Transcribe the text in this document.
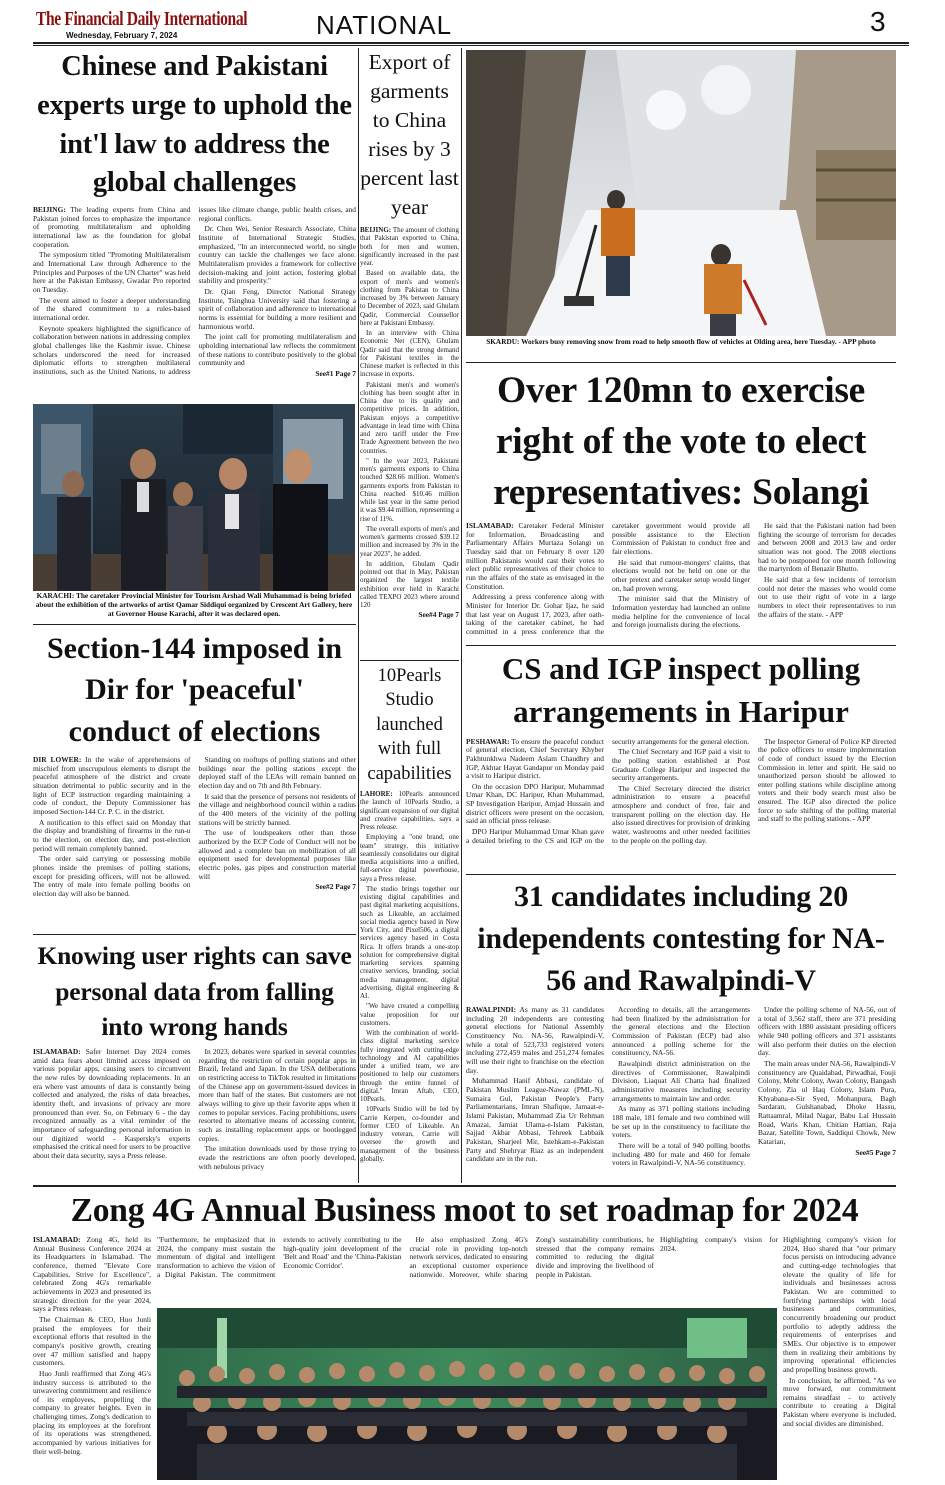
The Financial Daily International
Wednesday, February 7, 2024	NATIONAL	3
Chinese and Pakistani experts urge to uphold the int'l law to address the global challenges

BEIJING: The leading experts from China and Pakistan joined forces to emphasize the importance of promoting multilateralism and upholding international law as the foundation for global cooperation.

The symposium titled "Promoting Multilateralism and International Law through Adherence to the Principles and Purposes of the UN Charter" was held here at the Pakistan Embassy, Gwadar Pro reported on Tuesday.

The event aimed to foster a deeper understanding of the shared commitment to a rules-based international order.

Keynote speakers highlighted the significance of collaboration between nations in addressing complex global challenges like the Kashmir issue. Chinese scholars underscored the need for increased diplomatic efforts to strengthen multilateral institutions, such as the United Nations, to address issues like climate change, public health crises, and regional conflicts.

Dr. Chen Wei, Senior Research Associate, China Institute of International Strategic Studies, emphasized, "In an interconnected world, no single country can tackle the challenges we face alone. Multilateralism provides a framework for collective decision-making and joint action, fostering global stability and prosperity."

Dr. Qian Feng, Director National Strategy Institute, Tsinghua University said that fostering a spirit of collaboration and adherence to international norms is essential for building a more resilient and harmonious world.

The joint call for promoting multilateralism and upholding international law reflects the commitment of these nations to contribute positively to the global community and

See#1 Page 7
KARACHI: The caretaker Provincial Minister for Tourism Arshad Wali Muhammad is being briefed about the exhibition of the artworks of artist Qamar Siddiqui organized by Crescent Art Gallery, here at Governor House Karachi, after it was declared open.
Export of garments to China rises by 3 percent last year

BEIJING: The amount of clothing that Pakistan exported to China, both for men and women, significantly increased in the past year.

Based on available data, the export of men's and women's clothing from Pakistan to China increased by 3% between January to December of 2023, said Ghulam Qadir, Commercial Counsellor here at Pakistani Embassy.

In an interview with China Economic Net (CEN), Ghulam Qadir said that the strong demand for Pakistani textiles in the Chinese market is reflected in this increase in exports.

Pakistani men's and women's clothing has been sought after in China due to its quality and competitive prices. In addition, Pakistan enjoys a competitive advantage in lead time with China and zero tariff under the Free Trade Agreement between the two countries.

" In the year 2023, Pakistani men's garments exports to China touched $28.66 million. Women's garments exports from Pakistan to China reached $10.46 million while last year in the same period it was $9.44 million, representing a rise of 11%.

The overall exports of men's and women's garments crossed $39.12 million and increased by 3% in the year 2023", he added.

In addition, Ghulam Qadir pointed out that in May, Pakistan organized the largest textile exhibition ever held in Karachi called TEXPO 2023 where around 120

See#4 Page 7
SKARDU: Workers busy removing snow from road to help smooth flow of vehicles at Olding area, here Tuesday. - APP photo
Over 120mn to exercise right of the vote to elect representatives: Solangi

ISLAMABAD: Caretaker Federal Minister for Information, Broadcasting and Parliamentary Affairs Murtaza Solangi on Tuesday said that on February 8 over 120 million Pakistanis would cast their votes to elect public representatives of their choice to run the affairs of the state as envisaged in the Constitution.

Addressing a press conference along with Minister for Interior Dr. Gohar Ijaz, he said that last year on August 17, 2023, after oath-taking of the caretaker cabinet, he had committed in a press conference that the caretaker government would provide all possible assistance to the Election Commission of Pakistan to conduct free and fair elections.

He said that rumour-mongers' claims, that elections would not be held on one or the other pretext and caretaker setup would linger on, had proven wrong.

The minister said that the Ministry of Information yesterday had launched an online media helpline for the convenience of local and foreign journalists during the elections.

He said that the Pakistani nation had been fighting the scourge of terrorism for decades and between 2008 and 2013 law and order situation was not good. The 2008 elections had to be postponed for one month following the martyrdom of Benazir Bhutto.

He said that a few incidents of terrorism could not deter the masses who would come out to use their right of vote in a large numbers to elect their representatives to run the affairs of the state. - APP

Section-144 imposed in Dir for 'peaceful' conduct of elections

DIR LOWER: In the wake of apprehensions of mischief from unscrupulous elements to disrupt the peaceful atmosphere of the district and create situation detrimental to public security and in the light of ECP instruction regarding maintaining a code of conduct, the Deputy Commissioner has imposed Section-144 Cr. P. C. in the district.

A notification to this effect said on Monday that the display and brandishing of firearms in the run-u to the election, on election day, and post-election period will remain completely banned.

The order said carrying or possessing mobile phones inside the premises of polling stations, except for presiding officers, will not be allowed. The entry of male into female polling booths on election day will also be banned.

Standing on rooftops of polling stations and other buildings near the polling stations except the deployed staff of the LEAs will remain banned on election day and on 7th and 8th February.

It said that the presence of persons not residents of the village and neighborhood council within a radius of the 400 meters of the vicinity of the polling stations will be strictly banned.

The use of loudspeakers other than those authorized by the ECP Code of Conduct will not be allowed and a complete ban on mobilization of all equipment used for developmental purposes like electric poles, gas pipes and construction material will

See#2 Page 7
10Pearls Studio launched with full capabilities

LAHORE: 10Pearls announced the launch of 10Pearls Studio, a significant expansion of our digital and creative capabilities, says a Press release.

Employing a "one brand, one team" strategy, this initiative seamlessly consolidates our digital media acquisitions into a unified, full-service digital powerhouse, says a Press release.

The studio brings together our existing digital capabilities and past digital marketing acquisitions, such as Likeable, an acclaimed social media agency based in New York City, and Pixel506, a digital services agency based in Costa Rica. It offers brands a one-stop solution for comprehensive digital marketing services spanning creative services, branding, social media management, digital advertising, digital engineering & AI.

"We have created a compelling value proposition for our customers.

With the combination of world-class digital marketing service fully integrated with cutting-edge technology and AI capabilities under a unified team, we are positioned to help our customers through the entire funnel of digital." Imran Aftab, CEO, 10Pearls.

10Pearls Studio will be led by Carrie Kerpen, co-founder and former CEO of Likeable. An industry veteran, Carrie will oversee the growth and management of the business globally.

CS and IGP inspect polling arrangements in Haripur

PESHAWAR: To ensure the peaceful conduct of general election, Chief Secretary Khyber Pakhtunkhwa Nadeem Aslam Chaudhry and IGP, Akhtar Hayat Gandapur on Monday paid a visit to Haripur district.

On the occasion DPO Haripur, Muhammad Umar Khan, DC Haripur, Khan Muhammad, SP Investigation Haripur, Amjad Hussain and district officers were present on the occasion, said an official press release.

DPO Haripur Muhammad Umar Khan gave a detailed briefing to the CS and IGP on the security arrangements for the general election.

The Chief Secretary and IGP paid a visit to the polling station established at Post Graduate College Haripur and inspected the security arrangements.

The Chief Secretary directed the district administration to ensure a peaceful atmosphere and conduct of free, fair and transparent polling on the election day. He also issued directives for provision of drinking water, washrooms and other needed facilities to the people on the polling day.

The Inspector General of Police KP directed the police officers to ensure implementation of code of conduct issued by the Election Commission in letter and spirit. He said no unauthorized person should be allowed to enter polling stations while discipline among voters and their body search must also be ensured. The IGP also directed the police force to safe shifting of the polling material and staff to the polling stations. - APP

Knowing user rights can save personal data from falling into wrong hands

ISLAMABAD: Safer Internet Day 2024 comes amid data fears about limited access imposed on various popular apps, causing users to circumvent the new rules by downloading replacements. In an era where vast amounts of data is constantly being collected and analyzed, the risks of data breaches, identity theft, and invasions of privacy are more pronounced than ever. So, on February 6 - the day recognized annually as a vital reminder of the importance of safeguarding personal information in our digitized world - Kaspersky's experts emphasised the critical need for users to be proactive about their data security, says a Press release.

In 2023, debates were sparked in several countries regarding the restriction of certain popular apps in Brazil, Ireland and Japan. In the USA deliberations on restricting access to TikTok resulted in limitations of the Chinese app on government-issued devices in more than half of the states. But customers are not always willing to give up their favorite apps when it comes to popular services. Facing prohibitions, users resorted to alternative means of accessing content, such as installing replacement apps or bootlegged copies.

The imitation downloads used by those trying to evade the restrictions are often poorly developed, with nebulous privacy

31 candidates including 20 independents contesting for NA-56 and Rawalpindi-V

RAWALPINDI: As many as 31 candidates including 20 independents are contesting general elections for National Assembly Constituency No. NA-56, Rawalpindi-V, while a total of 523,733 registered voters including 272,459 males and 251,274 females will use their right to franchise on the election day.

Muhammad Hanif Abbasi, candidate of Pakistan Muslim League-Nawaz (PML-N), Sumaira Gul, Pakistan People's Party Parliamentarians, Imran Shafique, Jamaat-e-Islami Pakistan, Muhammad Zia Ur Rehman Amazai, Jamiat Ulama-e-Islam Pakistan, Sajjad Akbar Abbasi, Tehreek Labbaik Pakistan, Sharjeel Mir, Istehkam-e-Pakistan Party and Shehryar Riaz as an independent candidate are in the run.

According to details, all the arrangements had been finalized by the administration for the general elections and the Election Commission of Pakistan (ECP) had also announced a polling scheme for the constituency, NA-56.

Rawalpindi district administration on the directives of Commissioner, Rawalpindi Division, Liaquat Ali Chatta had finalized administrative measures including security arrangements to maintain law and order.

As many as 371 polling stations including 188 male, 181 female and two combined will be set up in the constituency to facilitate the voters.

There will be a total of 940 polling booths including 480 for male and 460 for female voters in Rawalpindi-V, NA-56 constituency.

Under the polling scheme of NA-56, out of a total of 3,562 staff, there are 371 presiding officers with 1880 assistant presiding officers while 940 polling officers and 371 assistants will also perform their duties on the election day.

The main areas under NA-56, Rawalpindi-V constituency are Quaidabad, Pirwadhai, Fouji Colony, Mehr Colony, Awan Colony, Bangash Colony, Zia ul Haq Colony, Islam Pura, Khyabana-e-Sir Syed, Mohanpura, Bagh Sardaran, Gulshanabad, Dhoke Hassu, Rattaamral, Milad Nagar, Babu Lal Hussain Road, Waris Khan, Chitian Hattian, Raja Bazar, Satellite Town, Saddiqui Chowk, New Katarian,

See#5 Page 7
Zong 4G Annual Business moot to set roadmap for 2024

ISLAMABAD: Zong 4G, held its Annual Business Conference 2024 at its Headquarters in Islamabad. The conference, themed "Elevate Core Capabilities, Strive for Excellence", celebrated Zong 4G's remarkable achievements in 2023 and presented its strategic direction for the year 2024, says a Press release.

The Chairman & CEO, Huo Junli praised the employees for their exceptional efforts that resulted in the company's positive growth, creating over 47 million satisfied and happy customers.

Huo Junli reaffirmed that Zong 4G's industry success is attributed to the unwavering commitment and resilience of its employees, propelling the company to greater heights. Even in challenging times, Zong's dedication to placing its employees at the forefront of its operations was strengthened, accompanied by various initiatives for their well-being.

"Furthermore, he emphasized that in 2024, the company must sustain the momentum of digital and intelligent transformation to achieve the vision of a Digital Pakistan. The commitment extends to actively contributing to the high-quality joint development of the 'Belt and Road' and the 'China-Pakistan Economic Corridor'.

He also emphasized Zong 4G's crucial role in providing top-notch network services, dedicated to ensuring an exceptional customer experience nationwide. Moreover, while sharing Zong's sustainability contributions, he stressed that the company remains committed to reducing the digital divide and improving the livelihood of people in Pakistan.

Highlighting company's vision for 2024, Huo shared that "our primary focus persists on introducing advance and cutting-edge technologies that elevate the quality of life for individuals and businesses across Pakistan. We are committed to fortifying partnerships with local businesses and communities, concurrently broadening our product portfolio to adeptly address the requirements of enterprises and SMEs. Our objective is to empower them in realizing their ambitions by improving operational efficiencies and propelling business growth.

In conclusion, he affirmed, "As we move forward, our commitment remains steadfast - to actively contribute to creating a Digital Pakistan where everyone is included, and social divides are diminished.

Highlighting company's vision for 2024.
